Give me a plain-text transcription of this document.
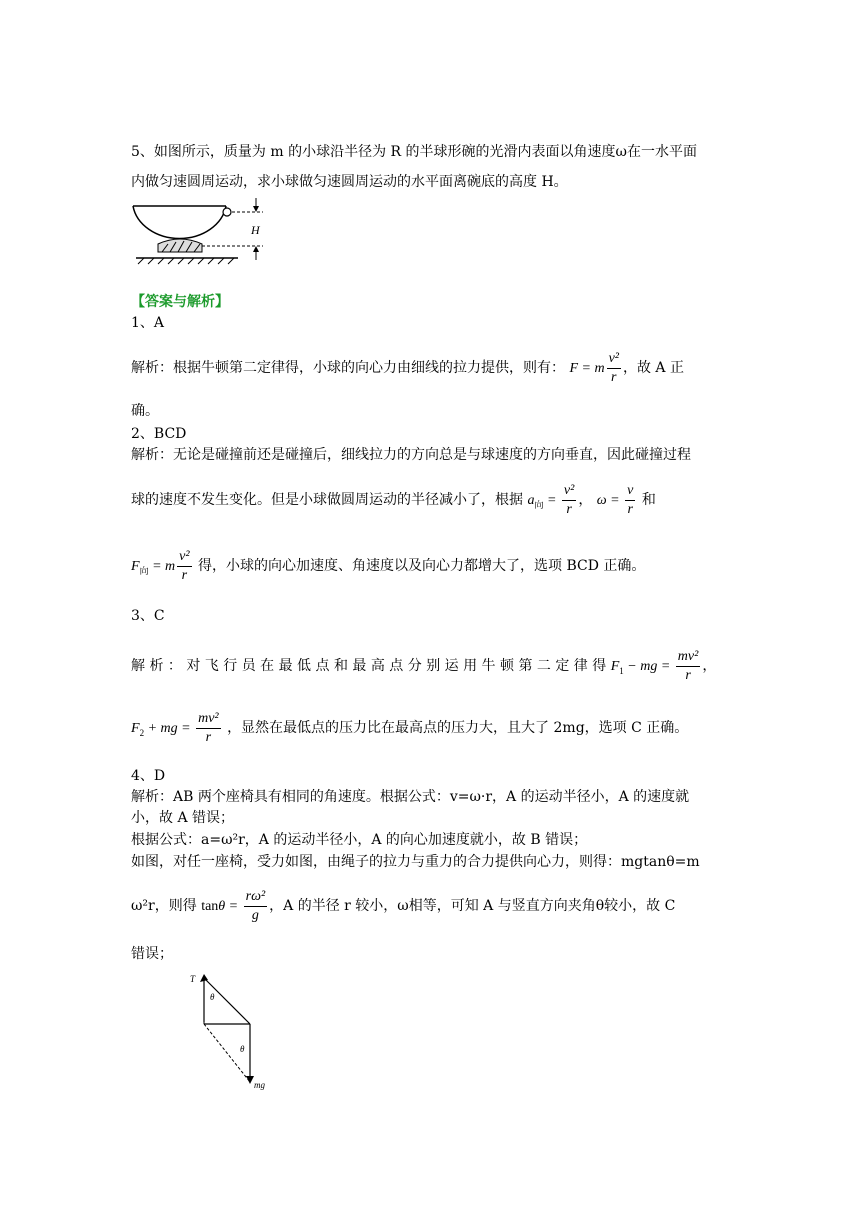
5、如图所示，质量为 m 的小球沿半径为 R 的半球形碗的光滑内表面以角速度ω在一水平面
内做匀速圆周运动，求小球做匀速圆周运动的水平面离碗底的高度 H。
H
【答案与解析】
1、A
解析：根据牛顿第二定律得，小球的向心力由细线的拉力提供，则有： F = m $\frac{\text{v²}}{r}$ ，故 A 正
确。
2、BCD
解析：无论是碰撞前还是碰撞后，细线拉力的方向总是与球速度的方向垂直，因此碰撞过程
球的速度不发生变化。但是小球做圆周运动的半径减小了，根据 $a_向 = \frac{\text{v²}}{r}$ ， $\omega = \frac{v}{r}$ 和
$F_向 = m \frac{\text{v²}}{r}$ 得，小球的向心加速度、角速度以及向心力都增大了，选项 BCD 正确。
3、C
解 析 ： 对 飞 行 员 在 最 低 点 和 最 高 点 分 别 运 用 牛 顿 第 二 定 律 得 $F_1$ − mg = $\frac{\text{mv²}}{r}$ ，
$F_2$ + mg = $\frac{\text{mv²}}{r}$ ，显然在最低点的压力比在最高点的压力大，且大了 2mg，选项 C 正确。
4、D
解析：AB 两个座椅具有相同的角速度。根据公式：v=ω·r，A 的运动半径小，A 的速度就
小，故 A 错误；
根据公式：a=ω²r，A 的运动半径小，A 的向心加速度就小，故 B 错误；
如图，对任一座椅，受力如图，由绳子的拉力与重力的合力提供向心力，则得：mgtanθ=m
ω²r，则得 $\tan\theta = \frac{\text{rω²}}{g}$ ，A 的半径 r 较小，ω相等，可知 A 与竖直方向夹角θ较小，故 C
错误；
T
θ
θ
mg
